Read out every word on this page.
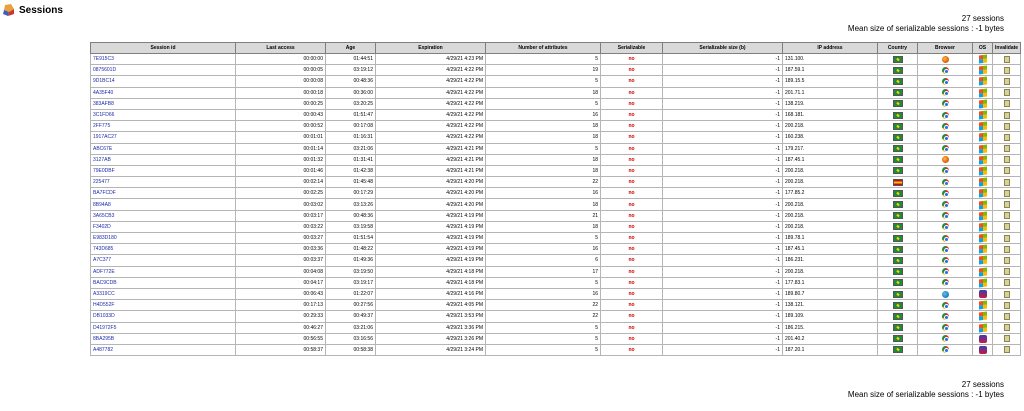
Sessions
27 sessions
Mean size of serializable sessions : -1 bytes
Session id	Last access	Age	Expiration	Number of attributes	Serializable	Serializable size (b)	IP address	Country	Browser	OS	Invalidate
7E915C3	00:00:00	01:44:51	4/29/21 4:23 PM	5	no	-1	131.100.				
0875601D	00:00:05	03:19:12	4/29/21 4:22 PM	19	no	-1	187.59.1				
9D1BC14	00:00:08	00:48:36	4/29/21 4:22 PM	5	no	-1	189.15.5				
4A35F40	00:00:18	00:36:00	4/29/21 4:22 PM	18	no	-1	201.71.1				
383AFB8	00:00:25	03:20:25	4/29/21 4:22 PM	5	no	-1	138.219.				
3C1FD66	00:00:43	01:51:47	4/29/21 4:22 PM	16	no	-1	168.181.				
2FF775	00:00:52	00:17:08	4/29/21 4:22 PM	18	no	-1	200.218.				
1917AC27	00:01:01	01:16:31	4/29/21 4:22 PM	18	no	-1	160.238.				
ABC67E	00:01:14	03:21:06	4/29/21 4:21 PM	5	no	-1	179.217.				
3127AB	00:01:32	01:31:41	4/29/21 4:21 PM	18	no	-1	187.45.1				
79E0DBF	00:01:46	01:42:38	4/29/21 4:21 PM	18	no	-1	200.218.				
225477	00:02:14	01:45:48	4/29/21 4:20 PM	22	no	-1	200.218.				
BA7FCDF	00:02:25	00:17:29	4/29/21 4:20 PM	16	no	-1	177.85.2				
8B94A8	00:03:02	03:13:26	4/29/21 4:20 PM	18	no	-1	200.218.				
3A65CB3	00:03:17	00:48:36	4/29/21 4:19 PM	21	no	-1	200.218.				
F3402D	00:03:22	03:19:58	4/29/21 4:19 PM	18	no	-1	200.218.				
E983D180	00:03:27	01:51:54	4/29/21 4:19 PM	5	no	-1	189.78.1				
743D685	00:03:36	01:48:22	4/29/21 4:19 PM	16	no	-1	187.45.1				
A7C377	00:03:37	01:49:36	4/29/21 4:19 PM	6	no	-1	186.231.				
ADF772E	00:04:08	03:19:50	4/29/21 4:18 PM	17	no	-1	200.218.				
BAC9CDB	00:04:17	03:19:17	4/29/21 4:18 PM	5	no	-1	177.83.1				
A3319CC	00:06:43	01:22:07	4/29/21 4:16 PM	16	no	-1	189.80.7				
H4D552F	00:17:13	00:27:56	4/29/21 4:05 PM	22	no	-1	138.121.				
DB1033D	00:29:33	00:49:37	4/29/21 3:53 PM	22	no	-1	189.109.				
D41972F5	00:46:27	03:21:06	4/29/21 3:36 PM	5	no	-1	186.215.				
8BA295B	00:56:55	03:16:56	4/29/21 3:26 PM	5	no	-1	201.40.2				
A487782	00:58:37	00:58:38	4/29/21 3:24 PM	5	no	-1	187.20.1				
27 sessions
Mean size of serializable sessions : -1 bytes
